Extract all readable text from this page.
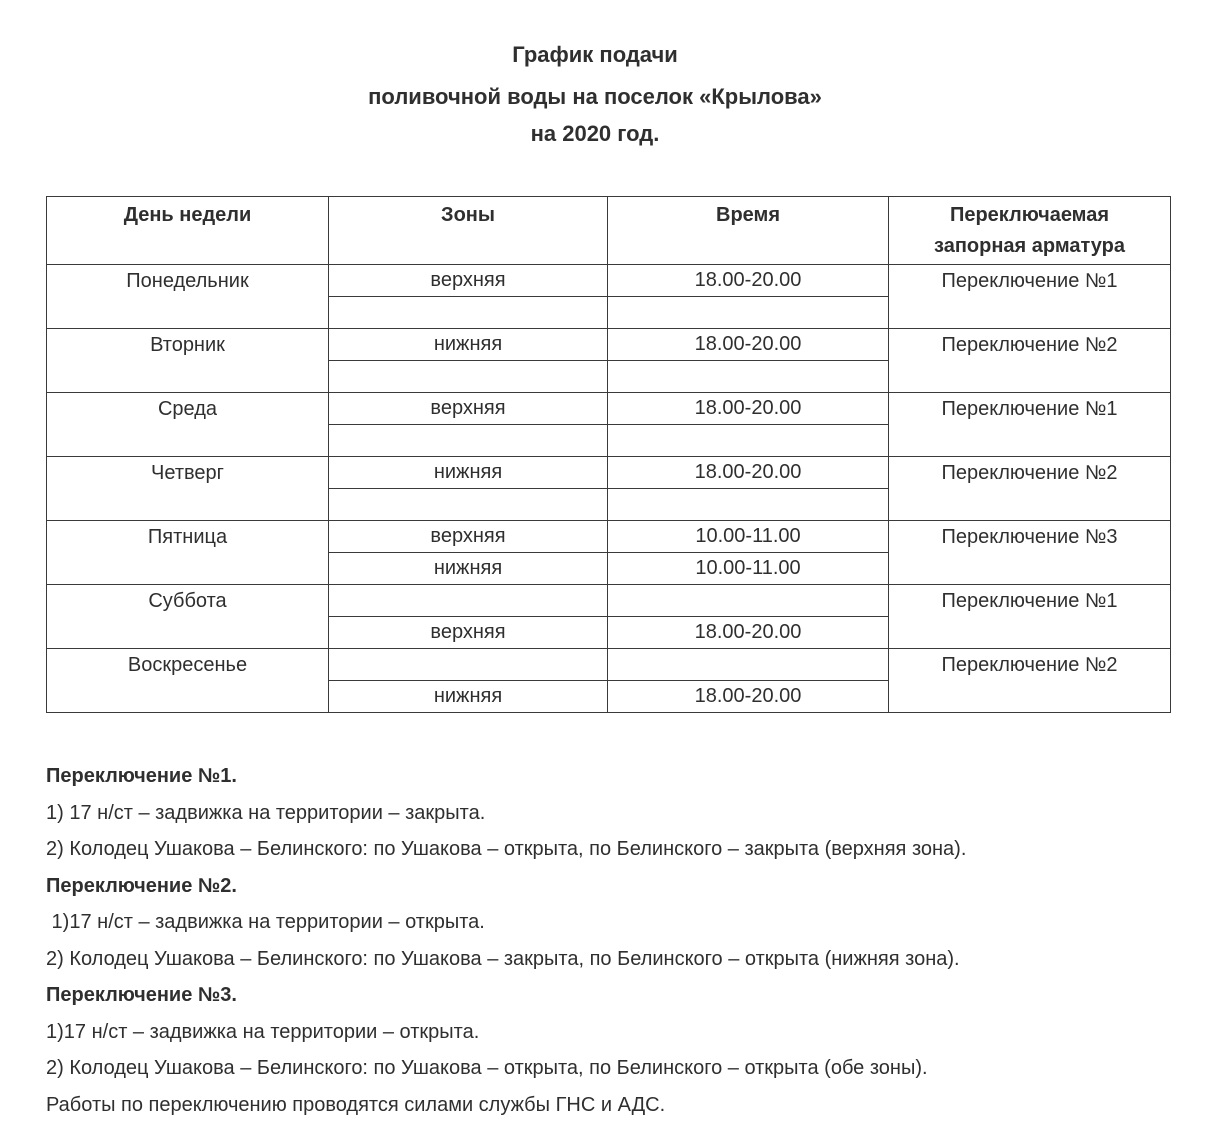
График подачи
поливочной воды на поселок «Крылова»
на 2020 год.
День недели	Зоны	Время	Переключаемая
запорная арматура
Понедельник	верхняя	18.00-20.00	Переключение №1

Вторник	нижняя	18.00-20.00	Переключение №2

Среда	верхняя	18.00-20.00	Переключение №1

Четверг	нижняя	18.00-20.00	Переключение №2

Пятница	верхняя	10.00-11.00	Переключение №3
	нижняя	10.00-11.00	
Суббота			Переключение №1
	верхняя	18.00-20.00	
Воскресенье			Переключение №2
	нижняя	18.00-20.00	

Переключение №1.

1) 17 н/ст – задвижка на территории – закрыта.

2) Колодец Ушакова – Белинского: по Ушакова – открыта, по Белинского – закрыта (верхняя зона).

Переключение №2.

1)17 н/ст – задвижка на территории – открыта.

2) Колодец Ушакова – Белинского: по Ушакова – закрыта, по Белинского – открыта (нижняя зона).

Переключение №3.

1)17 н/ст – задвижка на территории – открыта.

2) Колодец Ушакова – Белинского: по Ушакова – открыта, по Белинского – открыта (обе зоны).

Работы по переключению проводятся силами службы ГНС и АДС.
